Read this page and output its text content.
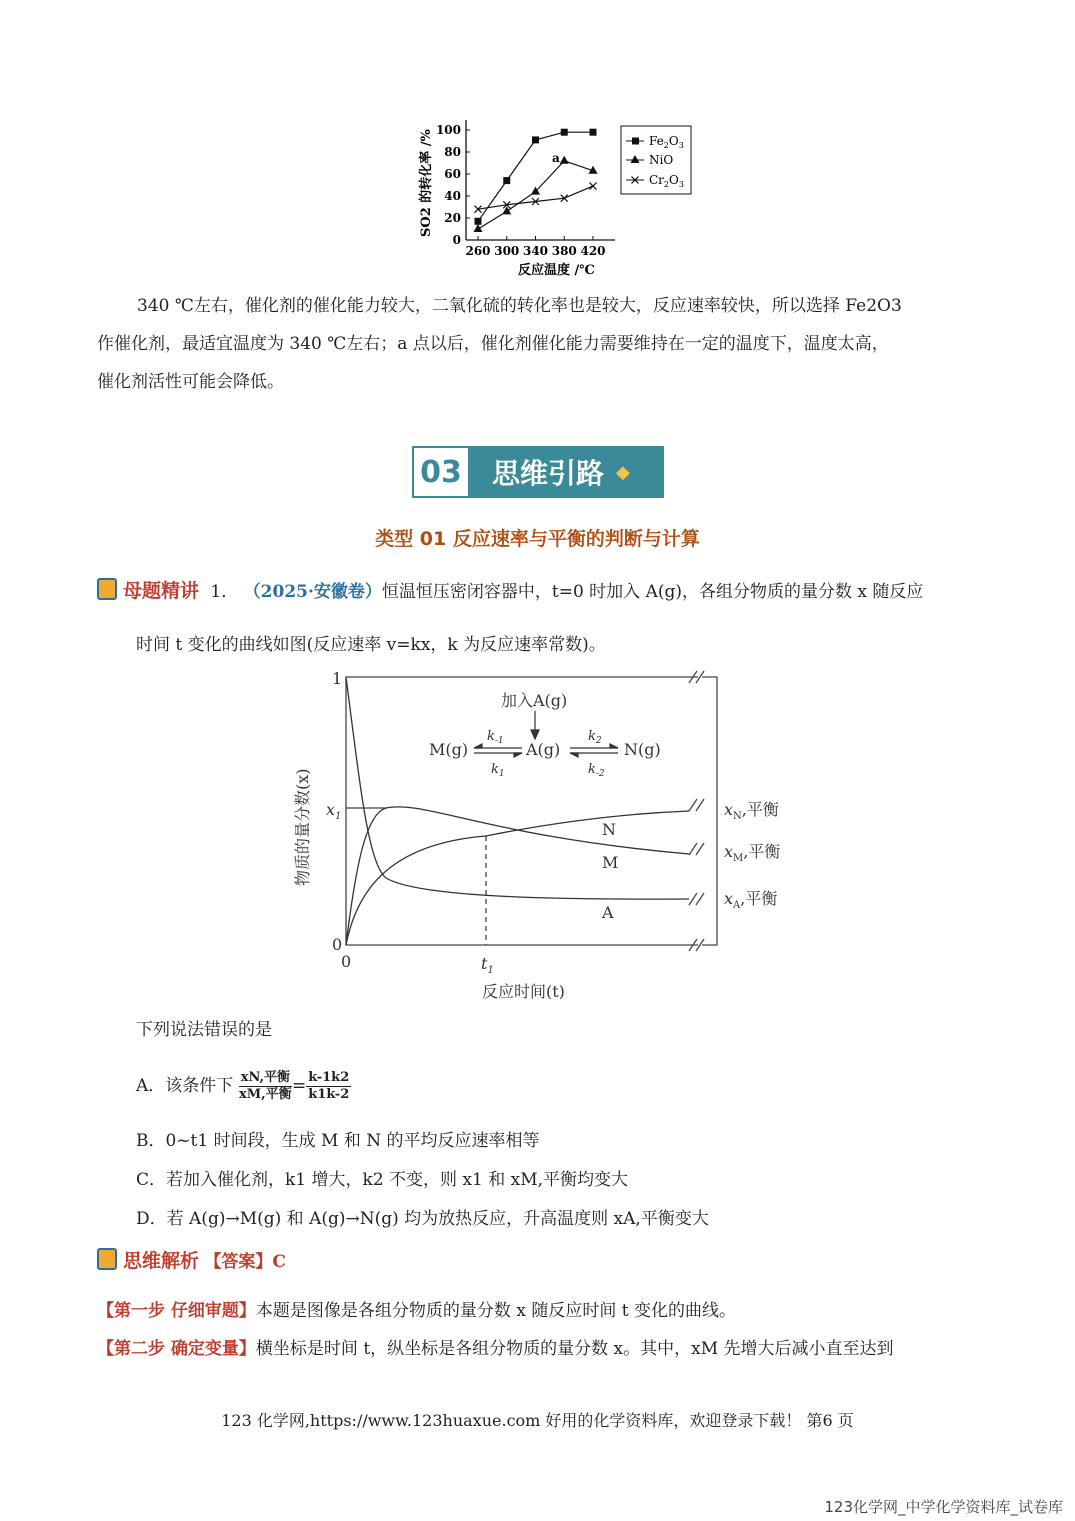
0
20
40
60
80
100
260 300 340 380 420
SO2 的转化率 /%
反应温度 /℃
a
$Fe_2O_3$
NiO
$Cr_2O_3$
340 ℃左右，催化剂的催化能力较大，二氧化硫的转化率也是较大，反应速率较快，所以选择 Fe2O3
作催化剂，最适宜温度为 340 ℃左右；a 点以后，催化剂催化能力需要维持在一定的温度下，温度太高，
催化剂活性可能会降低。
03 思维引路 ◆
类型 01 反应速率与平衡的判断与计算
母题精讲 1． （2025·安徽卷）恒温恒压密闭容器中，t=0 时加入 A(g)，各组分物质的量分数 x 随反应
时间 t 变化的曲线如图(反应速率 v=kx，k 为反应速率常数)。
1
0
0
$x_1$
$t_1$
反应时间(t)
物质的量分数(x)
加入A(g)
M(g)	A(g)	N(g)
$k_{-1}$
$k_1$
$k_2$
$k_{-2}$
N
M
A
$x_N$,平衡
$x_M$,平衡
$x_A$,平衡
下列说法错误的是
A．该条件下 xN,平衡
xM,平衡 = $\frac{k-1k2}{k1k-2}$
B．0~t1 时间段，生成 M 和 N 的平均反应速率相等
C．若加入催化剂，k1 增大，k2 不变，则 x1 和 xM,平衡均变大
D．若 A(g)→M(g) 和 A(g)→N(g) 均为放热反应，升高温度则 xA,平衡变大
思维解析 【答案】C
【第一步 仔细审题】本题是图像是各组分物质的量分数 x 随反应时间 t 变化的曲线。
【第二步 确定变量】横坐标是时间 t，纵坐标是各组分物质的量分数 x。其中，xM 先增大后减小直至达到
123 化学网,https://www.123huaxue.com 好用的化学资料库，欢迎登录下载！ 第6 页
123化学网_中学化学资料库_试卷库
